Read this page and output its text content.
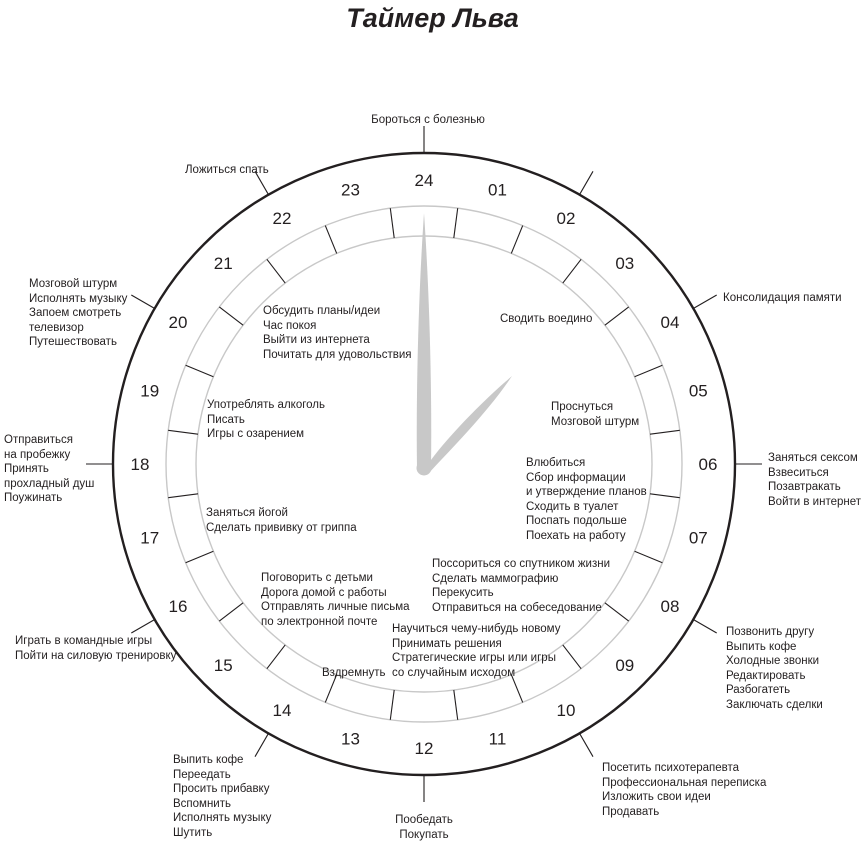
Таймер Льва
24
01
02
03
04
05
06
07
08
09
10
11
12
13
14
15
16
17
18
19
20
21
22
23
Бороться с болезнью
Консолидация памяти
Заняться сексом
Взвеситься
Позавтракать
Войти в интернет
Позвонить другу
Выпить кофе
Холодные звонки
Редактировать
Разбогатеть
Заключать сделки
Посетить психотерапевта
Профессиональная переписка
Изложить свои идеи
Продавать
Пообедать
Покупать
Выпить кофе
Переедать
Просить прибавку
Вспомнить
Исполнять музыку
Шутить
Играть в командные игры
Пойти на силовую тренировку
Отправиться
на пробежку
Принять
прохладный душ
Поужинать
Мозговой штурм
Исполнять музыку
Запоем смотреть
телевизор
Путешествовать
Ложиться спать
Сводить воедино
Проснуться
Мозговой штурм
Влюбиться
Сбор информации
и утверждение планов
Сходить в туалет
Поспать подольше
Поехать на работу
Поссориться со спутником жизни
Сделать маммографию
Перекусить
Отправиться на собеседование
Научиться чему-нибудь новому
Принимать решения
Стратегические игры или игры
со случайным исходом
Вздремнуть
Поговорить с детьми
Дорога домой с работы
Отправлять личные письма
по электронной почте
Заняться йогой
Сделать прививку от гриппа
Употреблять алкоголь
Писать
Игры с озарением
Обсудить планы/идеи
Час покоя
Выйти из интернета
Почитать для удовольствия
